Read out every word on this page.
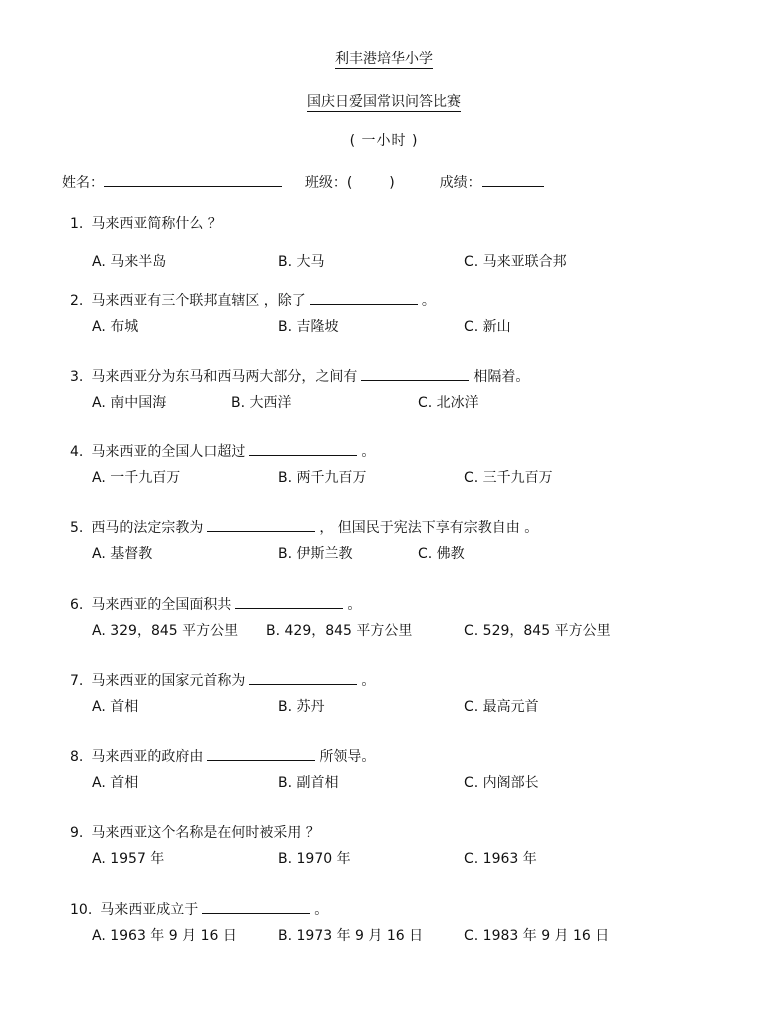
利丰港培华小学
国庆日爱国常识问答比赛
( 一小时 )
姓名：	班级：(	)	成绩：
1. 马来西亚简称什么 ？
A. 马来半岛	B. 大马	C. 马来亚联合邦
2. 马来西亚有三个联邦直辖区 ，除了	。
A. 布城	B. 吉隆坡	C. 新山
3. 马来西亚分为东马和西马两大部分，之间有	相隔着。
A. 南中国海	B. 大西洋	C. 北冰洋
4. 马来西亚的全国人口超过	。
A. 一千九百万	B. 两千九百万	C. 三千九百万
5. 西马的法定宗教为	， 但国民于宪法下享有宗教自由 。
A. 基督教	B. 伊斯兰教	C. 佛教
6. 马来西亚的全国面积共	。
A. 329，845 平方公里 B. 429，845 平方公里	C. 529，845 平方公里
7. 马来西亚的国家元首称为	。
A. 首相	B. 苏丹	C. 最高元首
8. 马来西亚的政府由	所领导。
A. 首相	B. 副首相	C. 内阁部长
9. 马来西亚这个名称是在何时被采用 ？
A. 1957 年	B. 1970 年	C. 1963 年
10. 马来西亚成立于	。
A. 1963 年 9 月 16 日	B. 1973 年 9 月 16 日	C. 1983 年 9 月 16 日
